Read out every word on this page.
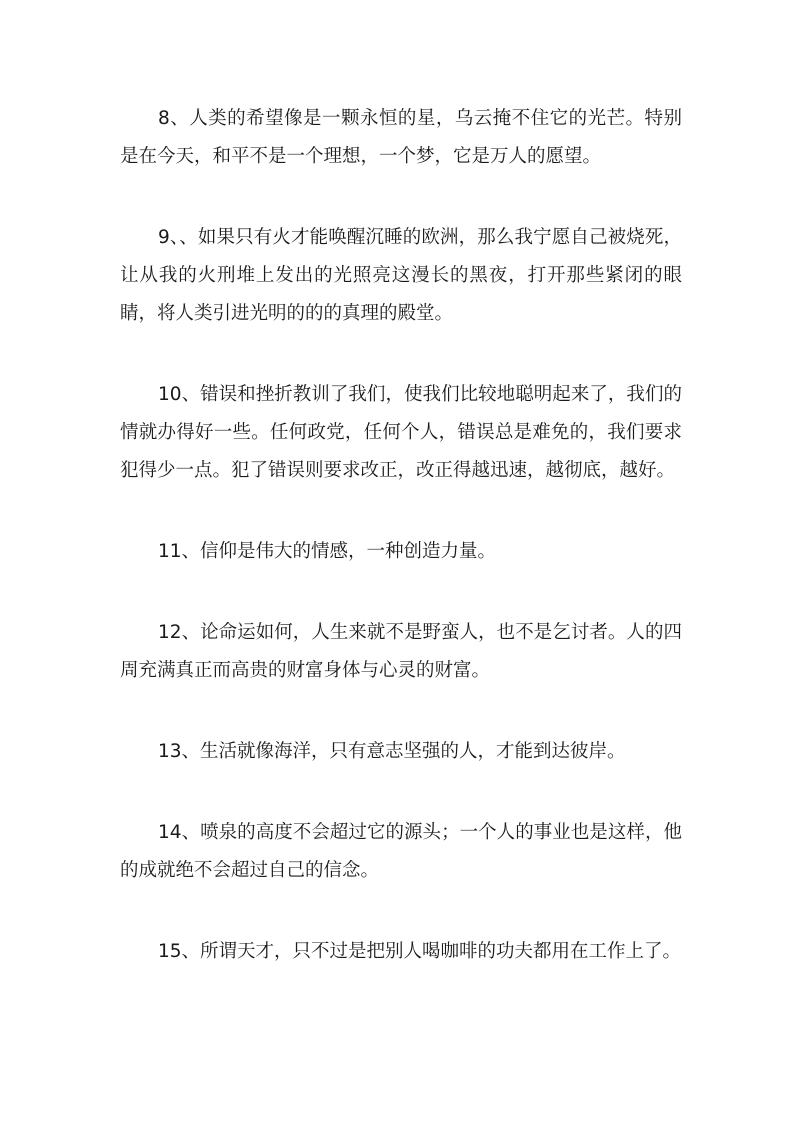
8、人类的希望像是一颗永恒的星，乌云掩不住它的光芒。特别是在今天，和平不是一个理想，一个梦，它是万人的愿望。

9、、如果只有火才能唤醒沉睡的欧洲，那么我宁愿自己被烧死，让从我的火刑堆上发出的光照亮这漫长的黑夜，打开那些紧闭的眼睛，将人类引进光明的的的真理的殿堂。

10、错误和挫折教训了我们，使我们比较地聪明起来了，我们的情就办得好一些。任何政党，任何个人，错误总是难免的，我们要求犯得少一点。犯了错误则要求改正，改正得越迅速，越彻底，越好。

11、信仰是伟大的情感，一种创造力量。

12、论命运如何，人生来就不是野蛮人，也不是乞讨者。人的四周充满真正而高贵的财富身体与心灵的财富。

13、生活就像海洋，只有意志坚强的人，才能到达彼岸。

14、喷泉的高度不会超过它的源头；一个人的事业也是这样，他的成就绝不会超过自己的信念。

15、所谓天才，只不过是把别人喝咖啡的功夫都用在工作上了。
